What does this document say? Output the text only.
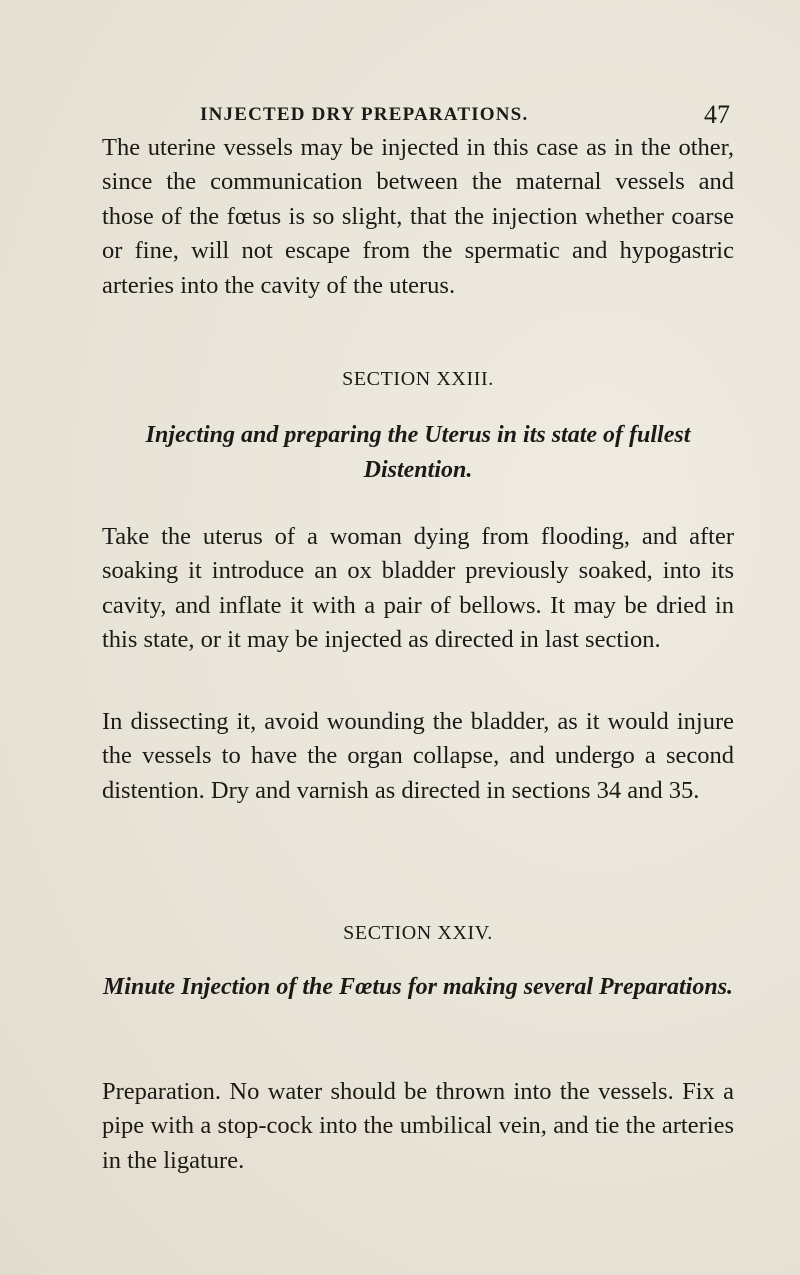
INJECTED DRY PREPARATIONS.	47

The uterine vessels may be injected in this case as in the other, since the communication between the maternal vessels and those of the fœtus is so slight, that the injection whether coarse or fine, will not escape from the spermatic and hypogastric arteries into the cavity of the uterus.

SECTION XXIII.
Injecting and preparing the Uterus in its state of fullest Distention.

Take the uterus of a woman dying from flooding, and after soaking it introduce an ox bladder previously soaked, into its cavity, and inflate it with a pair of bellows. It may be dried in this state, or it may be injected as directed in last section.

In dissecting it, avoid wounding the bladder, as it would injure the vessels to have the organ collapse, and undergo a second distention. Dry and varnish as directed in sections 34 and 35.

SECTION XXIV.
Minute Injection of the Fœtus for making several Preparations.

Preparation. No water should be thrown into the vessels. Fix a pipe with a stop-cock into the umbilical vein, and tie the arteries in the ligature.
